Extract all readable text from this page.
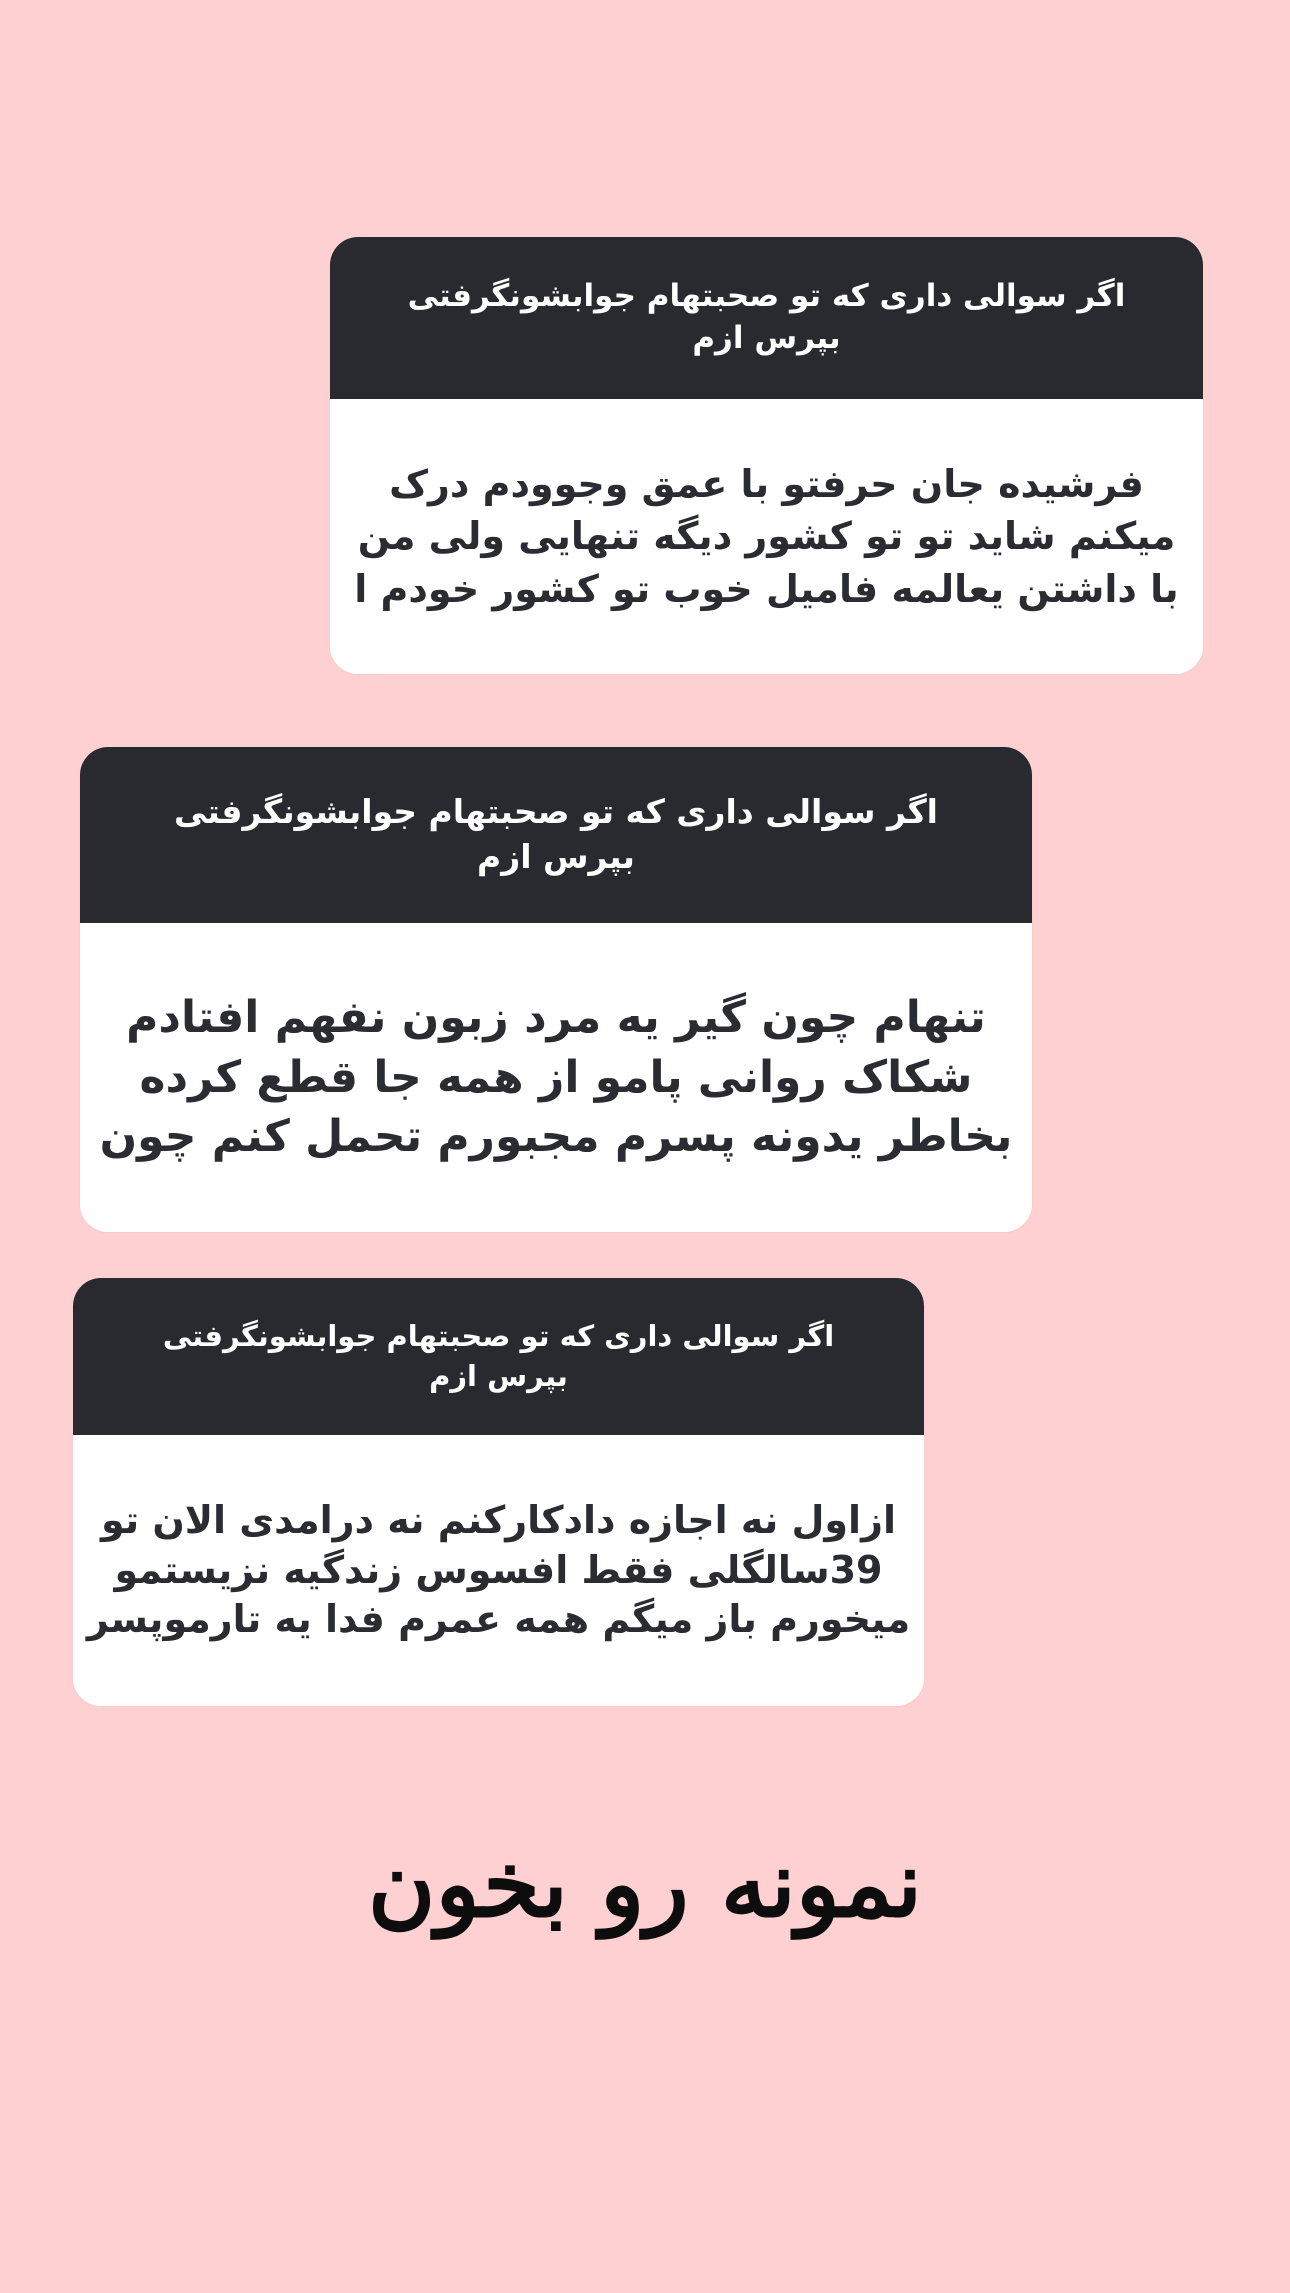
اگر سوالی داری که تو صحبتهام جوابشونگرفتی
بپرس ازم
فرشیده جان حرفتو با عمق وجوودم درک
میکنم شاید تو تو کشور دیگه تنهایی ولی من
با داشتن یعالمه فامیل خوب تو کشور خودم ا
اگر سوالی داری که تو صحبتهام جوابشونگرفتی
بپرس ازم
تنهام چون گیر یه مرد زبون نفهم افتادم
شکاک روانی پامو از همه جا قطع کرده
بخاطر یدونه پسرم مجبورم تحمل کنم چون
اگر سوالی داری که تو صحبتهام جوابشونگرفتی
بپرس ازم
ازاول نه اجازه دادکارکنم نه درامدی الان تو
39سالگلی فقط افسوس زندگیه نزیستمو
میخورم باز میگم همه عمرم فدا یه تارموپسر
نمونه رو بخون
